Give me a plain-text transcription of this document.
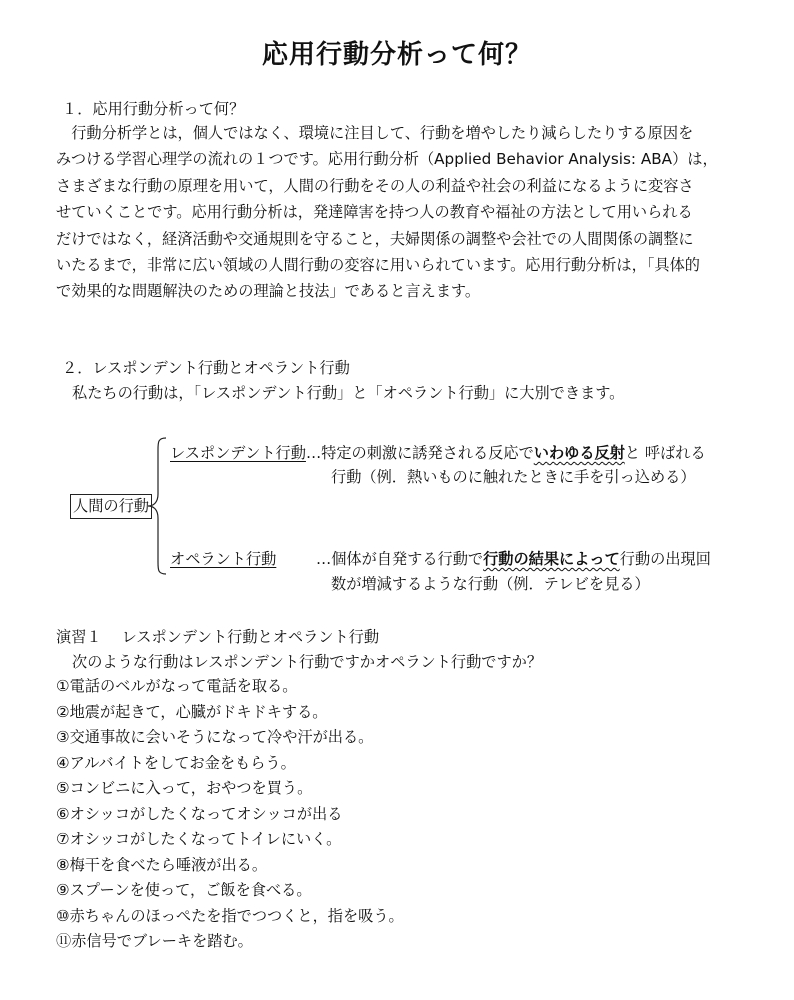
応用行動分析って何？
１．応用行動分析って何？
　行動分析学とは，個人ではなく、環境に注目して、行動を増やしたり減らしたりする原因を
みつける学習心理学の流れの１つです。応用行動分析（Applied Behavior Analysis: ABA）は，
さまざまな行動の原理を用いて，人間の行動をその人の利益や社会の利益になるように変容さ
せていくことです。応用行動分析は，発達障害を持つ人の教育や福祉の方法として用いられる
だけではなく，経済活動や交通規則を守ること，夫婦関係の調整や会社での人間関係の調整に
いたるまで，非常に広い領域の人間行動の変容に用いられています。応用行動分析は，「具体的
で効果的な問題解決のための理論と技法」であると言えます。
２．レスポンデント行動とオペラント行動
私たちの行動は，「レスポンデント行動」と「オペラント行動」に大別できます。
人間の行動
レスポンデント行動…特定の刺激に誘発される反応でいわゆる反射と 呼ばれる
行動（例．熱いものに触れたときに手を引っ込める）
オペラント行動	…個体が自発する行動で行動の結果によって行動の出現回
数が増減するような行動（例．テレビを見る）
演習１　 レスポンデント行動とオペラント行動
次のような行動はレスポンデント行動ですかオペラント行動ですか？
①電話のベルがなって電話を取る。
②地震が起きて，心臓がドキドキする。
③交通事故に会いそうになって冷や汗が出る。
④アルバイトをしてお金をもらう。
⑤コンビニに入って，おやつを買う。
⑥オシッコがしたくなってオシッコが出る
⑦オシッコがしたくなってトイレにいく。
⑧梅干を食べたら唾液が出る。
⑨スプーンを使って，ご飯を食べる。
⑩赤ちゃんのほっぺたを指でつつくと，指を吸う。
⑪赤信号でブレーキを踏む。
